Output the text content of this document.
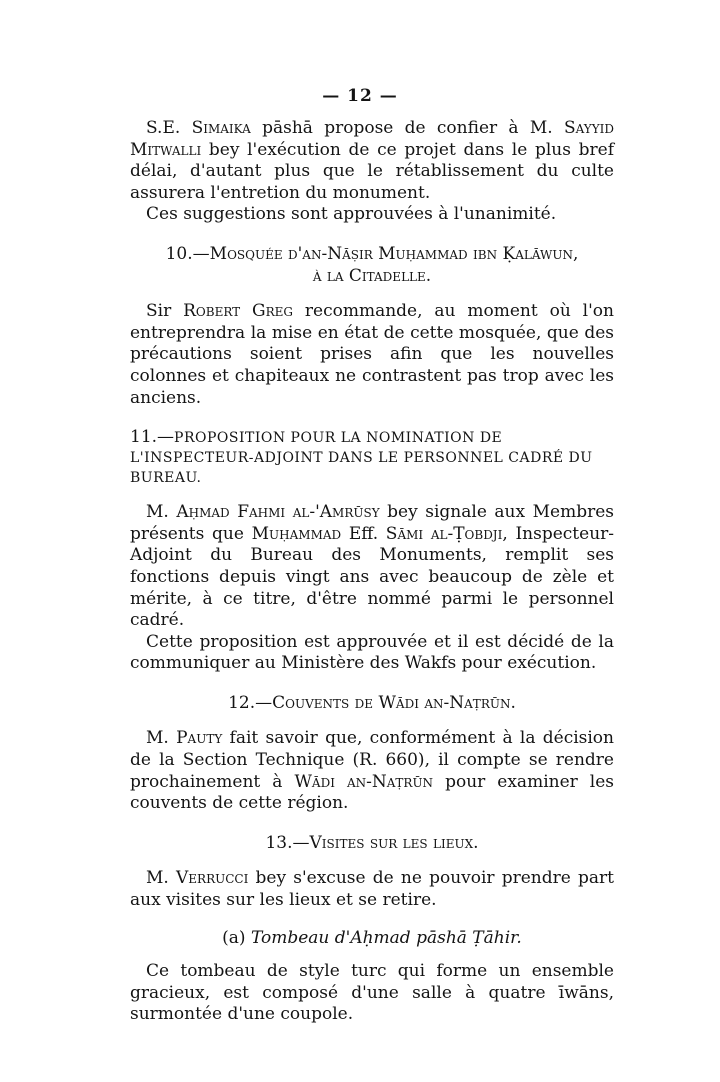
— 12 —

S.E. Simaika pāshā propose de confier à M. Sayyid Mitwalli bey l'exécution de ce projet dans le plus bref délai, d'autant plus que le rétablissement du culte assurera l'entretion du monument.

Ces suggestions sont approuvées à l'unanimité.

10.—Mosquée d'an-Nāṣir Muḥammad ibn Ḳalāwun,
à la Citadelle.

Sir Robert Greg recommande, au moment où l'on entreprendra la mise en état de cette mosquée, que des précautions soient prises afin que les nouvelles colonnes et chapiteaux ne contrastent pas trop avec les anciens.

11.—PROPOSITION POUR LA NOMINATION DE L'INSPECTEUR-ADJOINT DANS LE PERSONNEL CADRÉ DU BUREAU.

M. Aḥmad Fahmi al-'Amrūsy bey signale aux Membres présents que Muḥammad Eff. Sāmi al-Ṭobdji, Inspecteur-Adjoint du Bureau des Monuments, remplit ses fonctions depuis vingt ans avec beaucoup de zèle et mérite, à ce titre, d'être nommé parmi le personnel cadré.

Cette proposition est approuvée et il est décidé de la communiquer au Ministère des Wakfs pour exécution.

12.—Couvents de Wādi an-Naṭrūn.

M. Pauty fait savoir que, conformément à la décision de la Section Technique (R. 660), il compte se rendre prochainement à Wādi an-Naṭrūn pour examiner les couvents de cette région.

13.—Visites sur les lieux.

M. Verrucci bey s'excuse de ne pouvoir prendre part aux visites sur les lieux et se retire.

(a) Tombeau d'Aḥmad pāshā Ṭāhir.

Ce tombeau de style turc qui forme un ensemble gracieux, est composé d'une salle à quatre īwāns, surmontée d'une coupole.
